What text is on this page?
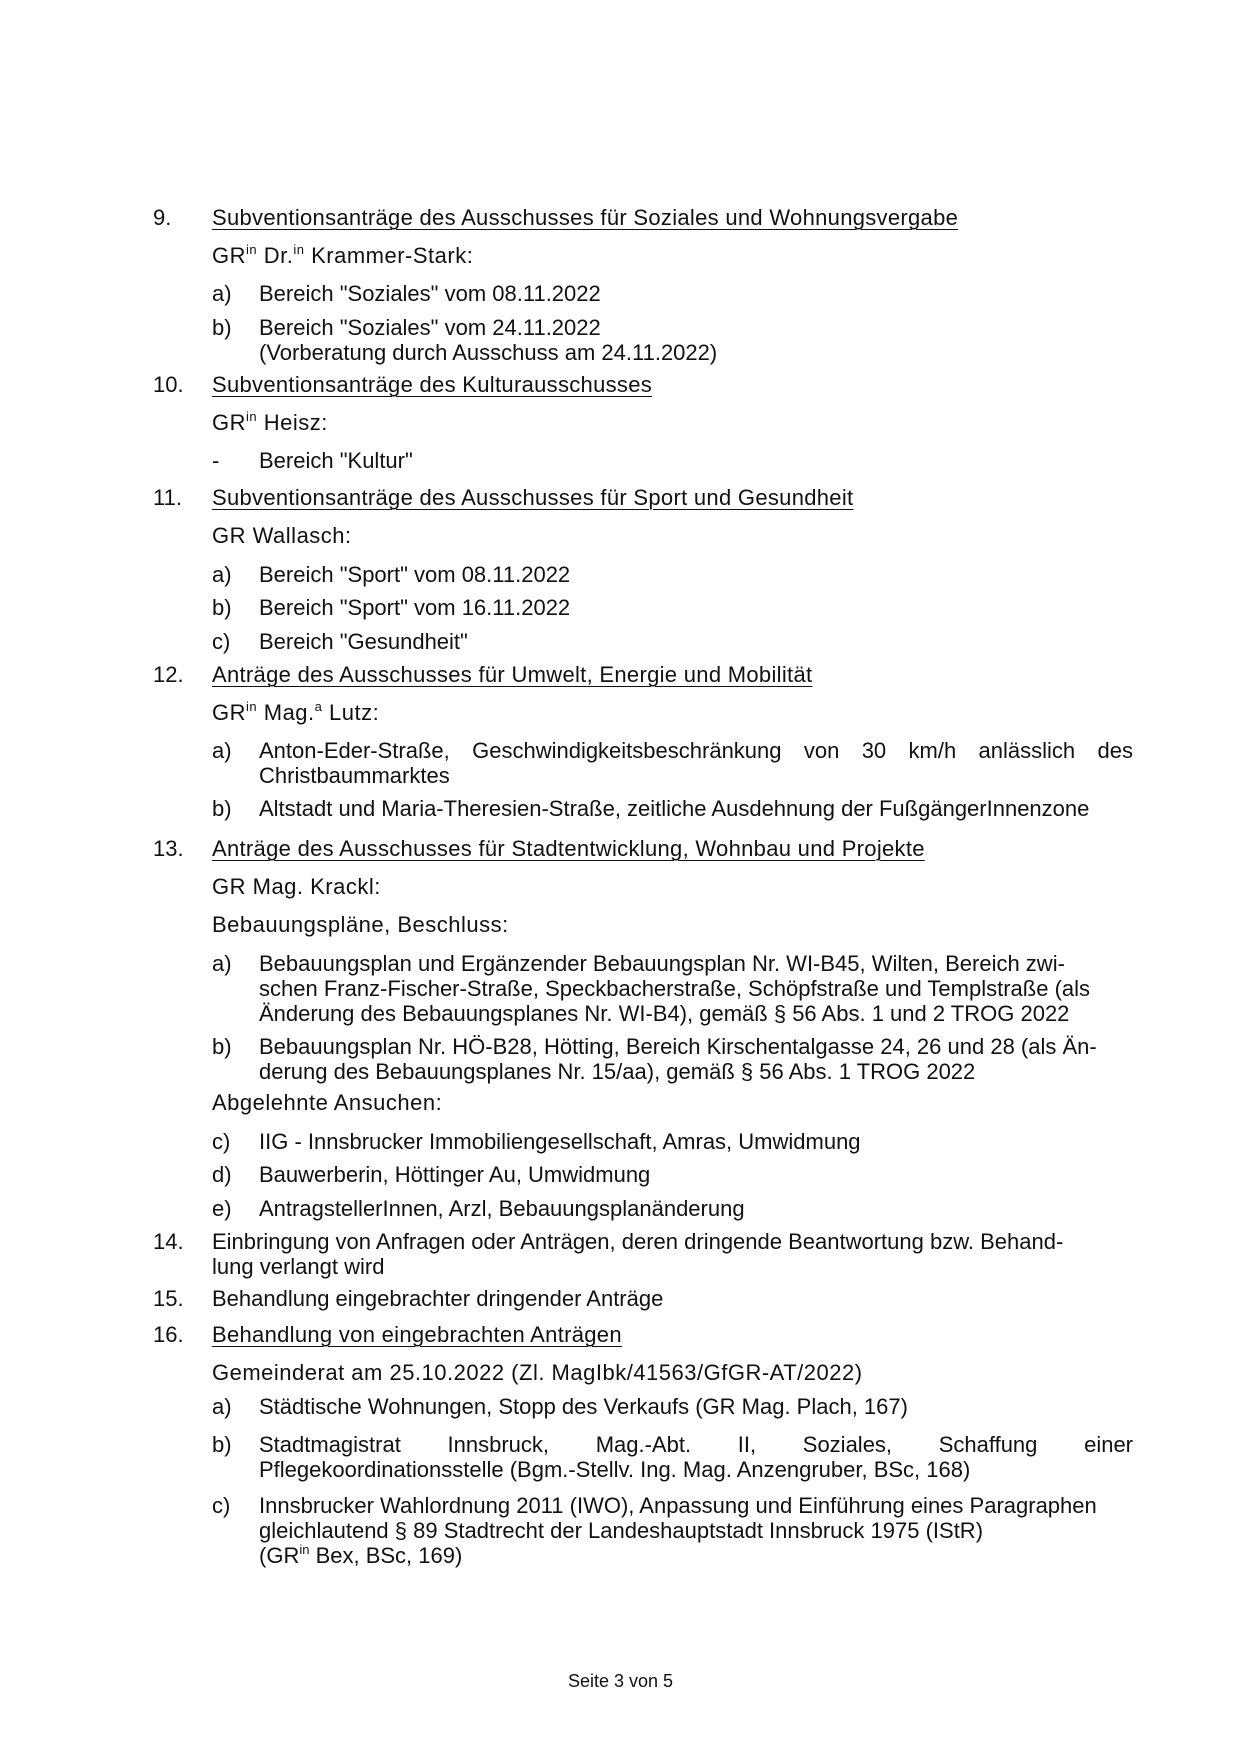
9. Subventionsanträge des Ausschusses für Soziales und Wohnungsvergabe
$GR^{in}$ Dr.$^{in}$ Krammer-Stark:
a) Bereich "Soziales" vom 08.11.2022
b) Bereich "Soziales" vom 24.11.2022
(Vorberatung durch Ausschuss am 24.11.2022)
10. Subventionsanträge des Kulturausschusses
$GR^{in}$ Heisz:
- Bereich "Kultur"
11. Subventionsanträge des Ausschusses für Sport und Gesundheit
GR Wallasch:
a) Bereich "Sport" vom 08.11.2022
b) Bereich "Sport" vom 16.11.2022
c) Bereich "Gesundheit"
12. Anträge des Ausschusses für Umwelt, Energie und Mobilität
$GR^{in}$ Mag.$^a$ Lutz:
a) Anton-Eder-Straße, Geschwindigkeitsbeschränkung von 30 km/h anlässlich des Christbaummarktes
b) Altstadt und Maria-Theresien-Straße, zeitliche Ausdehnung der FußgängerInnenzone
13. Anträge des Ausschusses für Stadtentwicklung, Wohnbau und Projekte
GR Mag. Krackl:
Bebauungspläne, Beschluss:
a) Bebauungsplan und Ergänzender Bebauungsplan Nr. WI-B45, Wilten, Bereich zwi-
schen Franz-Fischer-Straße, Speckbacherstraße, Schöpfstraße und Templstraße (als
Änderung des Bebauungsplanes Nr. WI-B4), gemäß § 56 Abs. 1 und 2 TROG 2022
b) Bebauungsplan Nr. HÖ-B28, Hötting, Bereich Kirschentalgasse 24, 26 und 28 (als Än-
derung des Bebauungsplanes Nr. 15/aa), gemäß § 56 Abs. 1 TROG 2022
Abgelehnte Ansuchen:
c) IIG - Innsbrucker Immobiliengesellschaft, Amras, Umwidmung
d) Bauwerberin, Höttinger Au, Umwidmung
e) AntragstellerInnen, Arzl, Bebauungsplanänderung
14. Einbringung von Anfragen oder Anträgen, deren dringende Beantwortung bzw. Behand-
lung verlangt wird
15. Behandlung eingebrachter dringender Anträge
16. Behandlung von eingebrachten Anträgen
Gemeinderat am 25.10.2022 (Zl. MagIbk/41563/GfGR-AT/2022)
a) Städtische Wohnungen, Stopp des Verkaufs (GR Mag. Plach, 167)
b) Stadtmagistrat Innsbruck, Mag.-Abt. II, Soziales, Schaffung einer Pflegekoordinationsstelle (Bgm.-Stellv. Ing. Mag. Anzengruber, BSc, 168)
c) Innsbrucker Wahlordnung 2011 (IWO), Anpassung und Einführung eines Paragraphen
gleichlautend § 89 Stadtrecht der Landeshauptstadt Innsbruck 1975 (IStR)
($GR^{in}$ Bex, BSc, 169)
Seite 3 von 5
